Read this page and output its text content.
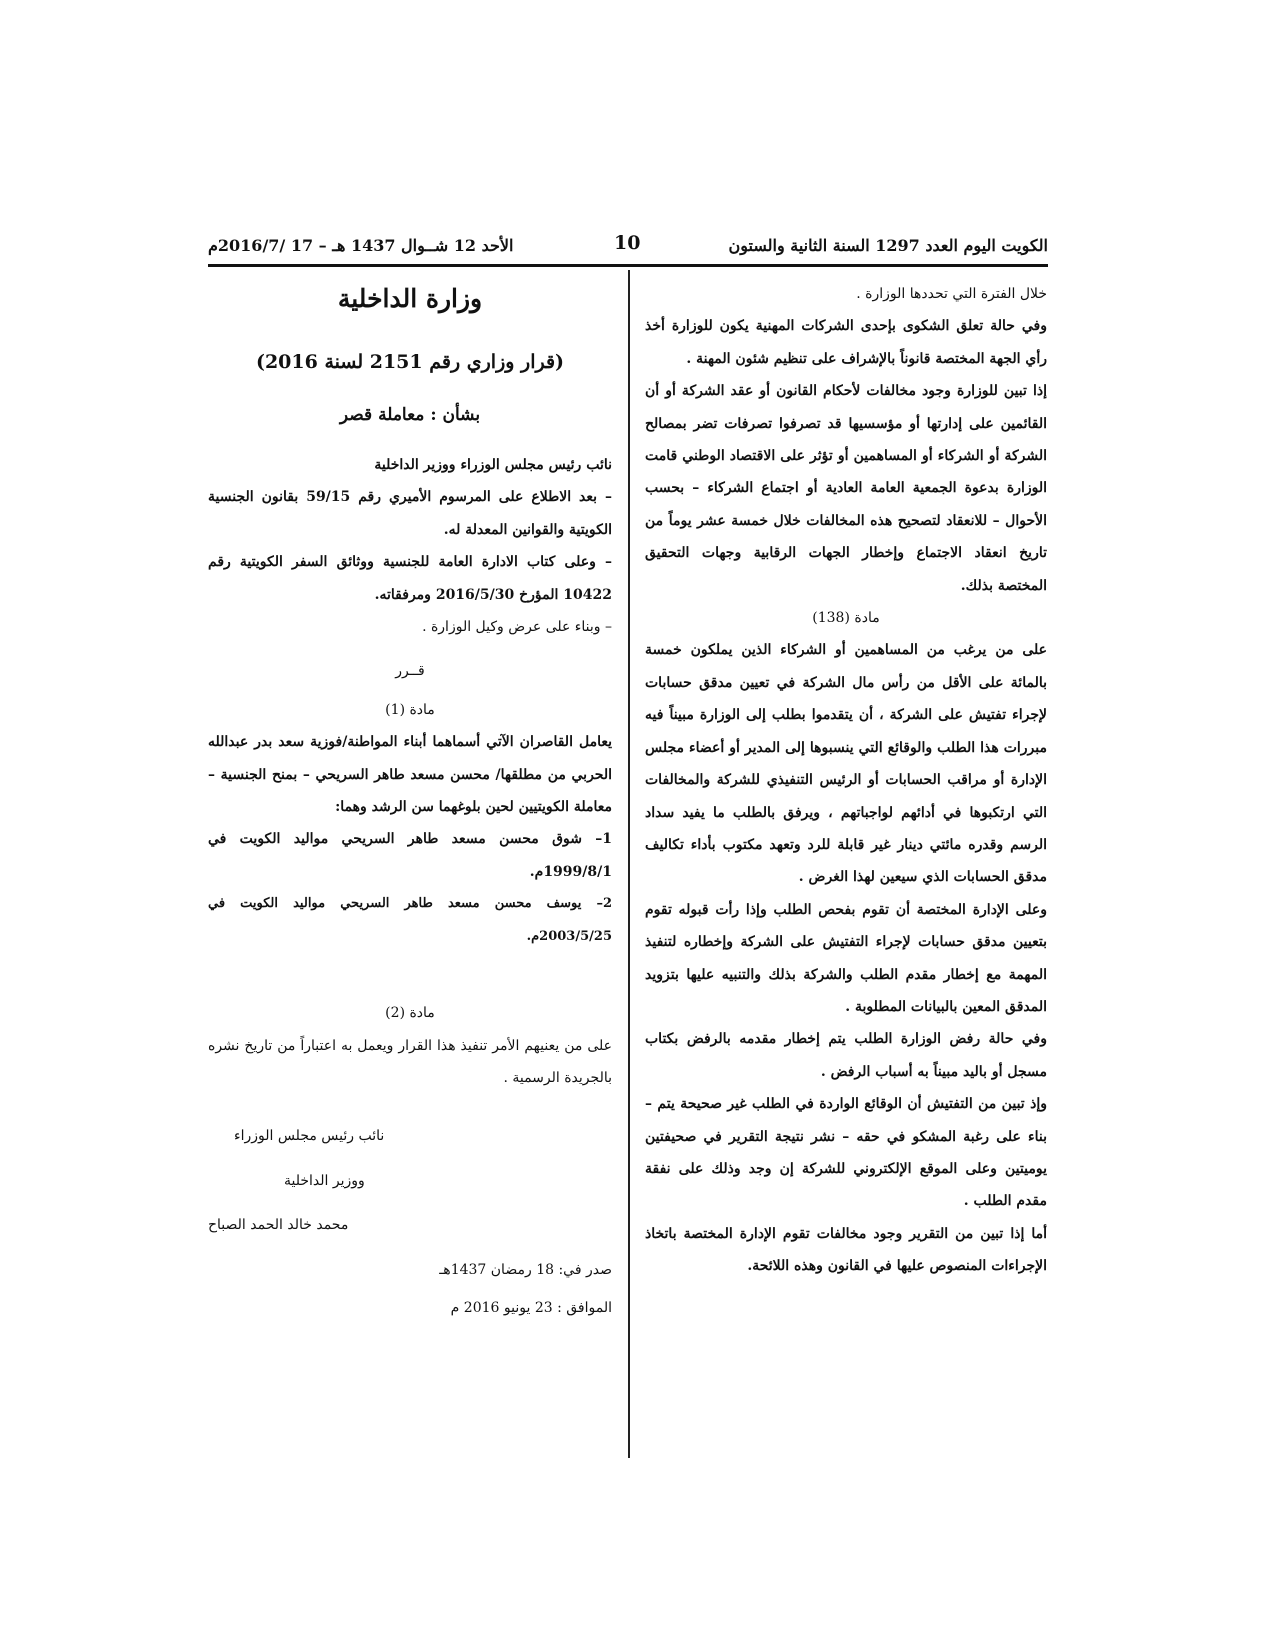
الكويت اليوم العدد 1297 السنة الثانية والستون
10
الأحد 12 شــوال 1437 هـ – 17 /2016/7م

خلال الفترة التي تحددها الوزارة .

وفي حالة تعلق الشكوى بإحدى الشركات المهنية يكون للوزارة أخذ رأي الجهة المختصة قانوناً بالإشراف على تنظيم شئون المهنة .

إذا تبين للوزارة وجود مخالفات لأحكام القانون أو عقد الشركة أو أن القائمين على إدارتها أو مؤسسيها قد تصرفوا تصرفات تضر بمصالح الشركة أو الشركاء أو المساهمين أو تؤثر على الاقتصاد الوطني قامت الوزارة بدعوة الجمعية العامة العادية أو اجتماع الشركاء – بحسب الأحوال – للانعقاد لتصحيح هذه المخالفات خلال خمسة عشر يوماً من تاريخ انعقاد الاجتماع وإخطار الجهات الرقابية وجهات التحقيق المختصة بذلك.

مادة (138)

على من يرغب من المساهمين أو الشركاء الذين يملكون خمسة بالمائة على الأقل من رأس مال الشركة في تعيين مدقق حسابات لإجراء تفتيش على الشركة ، أن يتقدموا بطلب إلى الوزارة مبيناً فيه مبررات هذا الطلب والوقائع التي ينسبوها إلى المدير أو أعضاء مجلس الإدارة أو مراقب الحسابات أو الرئيس التنفيذي للشركة والمخالفات التي ارتكبوها في أدائهم لواجباتهم ، ويرفق بالطلب ما يفيد سداد الرسم وقدره مائتي دينار غير قابلة للرد وتعهد مكتوب بأداء تكاليف مدقق الحسابات الذي سيعين لهذا الغرض .

وعلى الإدارة المختصة أن تقوم بفحص الطلب وإذا رأت قبوله تقوم بتعيين مدقق حسابات لإجراء التفتيش على الشركة وإخطاره لتنفيذ المهمة مع إخطار مقدم الطلب والشركة بذلك والتنبيه عليها بتزويد المدقق المعين بالبيانات المطلوبة .

وفي حالة رفض الوزارة الطلب يتم إخطار مقدمه بالرفض بكتاب مسجل أو باليد مبيناً به أسباب الرفض .

وإذ تبين من التفتيش أن الوقائع الواردة في الطلب غير صحيحة يتم – بناء على رغبة المشكو في حقه – نشر نتيجة التقرير في صحيفتين يوميتين وعلى الموقع الإلكتروني للشركة إن وجد وذلك على نفقة مقدم الطلب .

أما إذا تبين من التقرير وجود مخالفات تقوم الإدارة المختصة باتخاذ الإجراءات المنصوص عليها في القانون وهذه اللائحة.

وزارة الداخلية
(قرار وزاري رقم 2151 لسنة 2016)
بشأن : معاملة قصر

نائب رئيس مجلس الوزراء ووزير الداخلية

– بعد الاطلاع على المرسوم الأميري رقم 59/15 بقانون الجنسية الكويتية والقوانين المعدلة له.

– وعلى كتاب الادارة العامة للجنسية ووثائق السفر الكويتية رقم 10422 المؤرخ 2016/5/30 ومرفقاته.

– وبناء على عرض وكيل الوزارة .

قــرر

مادة (1)

يعامل القاصران الآتي أسماهما أبناء المواطنة/فوزية سعد بدر عبدالله الحربي من مطلقها/ محسن مسعد طاهر السريحي – بمنح الجنسية – معاملة الكويتيين لحين بلوغهما سن الرشد وهما:

1– شوق محسن مسعد طاهر السريحي مواليد الكويت في 1999/8/1م.

2– يوسف محسن مسعد طاهر السريحي مواليد الكويت في 2003/5/25م.

مادة (2)

على من يعنيهم الأمر تنفيذ هذا القرار ويعمل به اعتباراً من تاريخ نشره بالجريدة الرسمية .

نائب رئيس مجلس الوزراء

ووزير الداخلية

محمد خالد الحمد الصباح

صدر في: 18 رمضان 1437هـ

الموافق : 23 يونيو 2016 م
